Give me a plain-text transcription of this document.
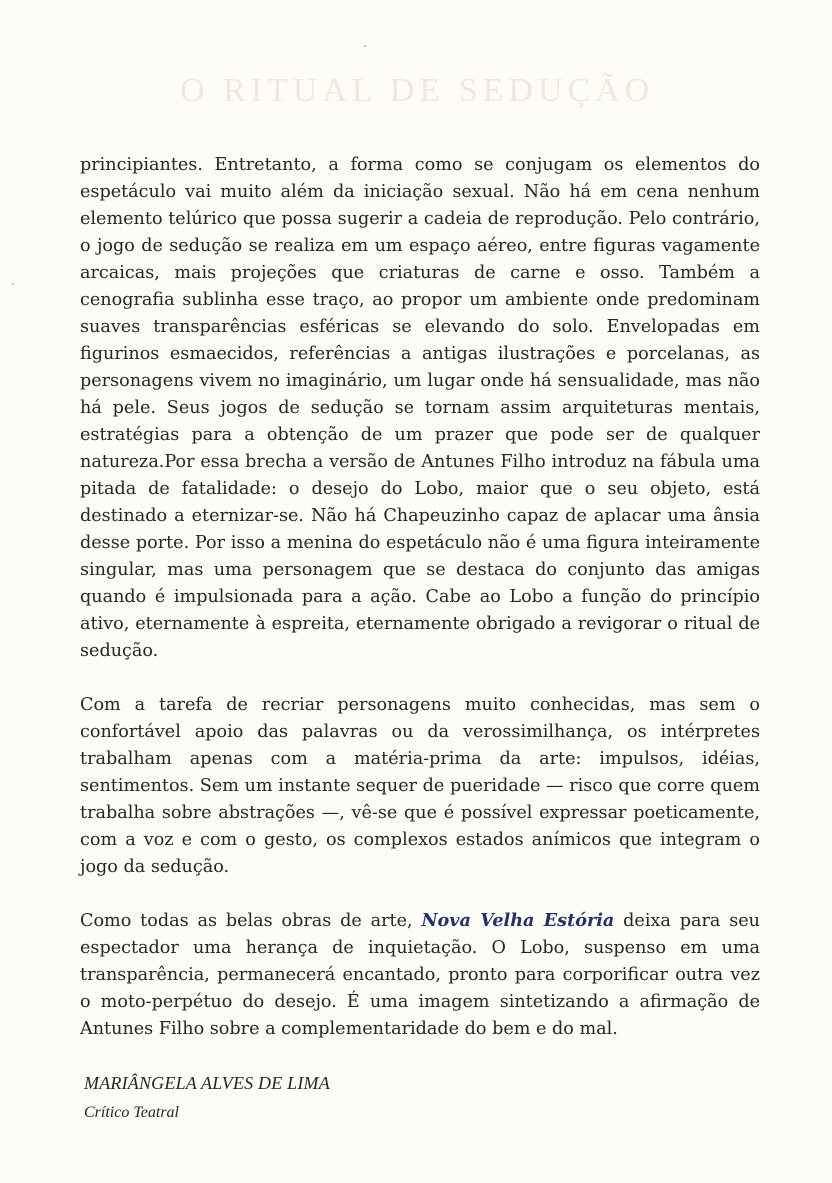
O RITUAL DE SEDUÇÃO

principiantes. Entretanto, a forma como se conjugam os elementos do espetáculo vai muito além da iniciação sexual. Não há em cena nenhum elemento telúrico que possa sugerir a cadeia de reprodução. Pelo contrário, o jogo de sedução se realiza em um espaço aéreo, entre figuras vagamente arcaicas, mais projeções que criaturas de carne e osso. Também a cenografia sublinha esse traço, ao propor um ambiente onde predominam suaves transparências esféricas se elevando do solo. Envelopadas em figurinos esmaecidos, referências a antigas ilustrações e porcelanas, as personagens vivem no imaginário, um lugar onde há sensualidade, mas não há pele. Seus jogos de sedução se tornam assim arquiteturas mentais, estratégias para a obtenção de um prazer que pode ser de qualquer natureza.Por essa brecha a versão de Antunes Filho introduz na fábula uma pitada de fatalidade: o desejo do Lobo, maior que o seu objeto, está destinado a eternizar-se. Não há Chapeuzinho capaz de aplacar uma ânsia desse porte. Por isso a menina do espetáculo não é uma figura inteiramente singular, mas uma personagem que se destaca do conjunto das amigas quando é impulsionada para a ação. Cabe ao Lobo a função do princípio ativo, eternamente à espreita, eternamente obrigado a revigorar o ritual de sedução.

Com a tarefa de recriar personagens muito conhecidas, mas sem o confortável apoio das palavras ou da verossimilhança, os intérpretes trabalham apenas com a matéria-prima da arte: impulsos, idéias, sentimentos. Sem um instante sequer de pueridade — risco que corre quem trabalha sobre abstrações —, vê-se que é possível expressar poeticamente, com a voz e com o gesto, os complexos estados anímicos que integram o jogo da sedução.

Como todas as belas obras de arte, Nova Velha Estória deixa para seu espectador uma herança de inquietação. O Lobo, suspenso em uma transparência, permanecerá encantado, pronto para corporificar outra vez o moto-perpétuo do desejo. É uma imagem sintetizando a afirmação de Antunes Filho sobre a complementaridade do bem e do mal.

MARIÂNGELA ALVES DE LIMA

Crítico Teatral
